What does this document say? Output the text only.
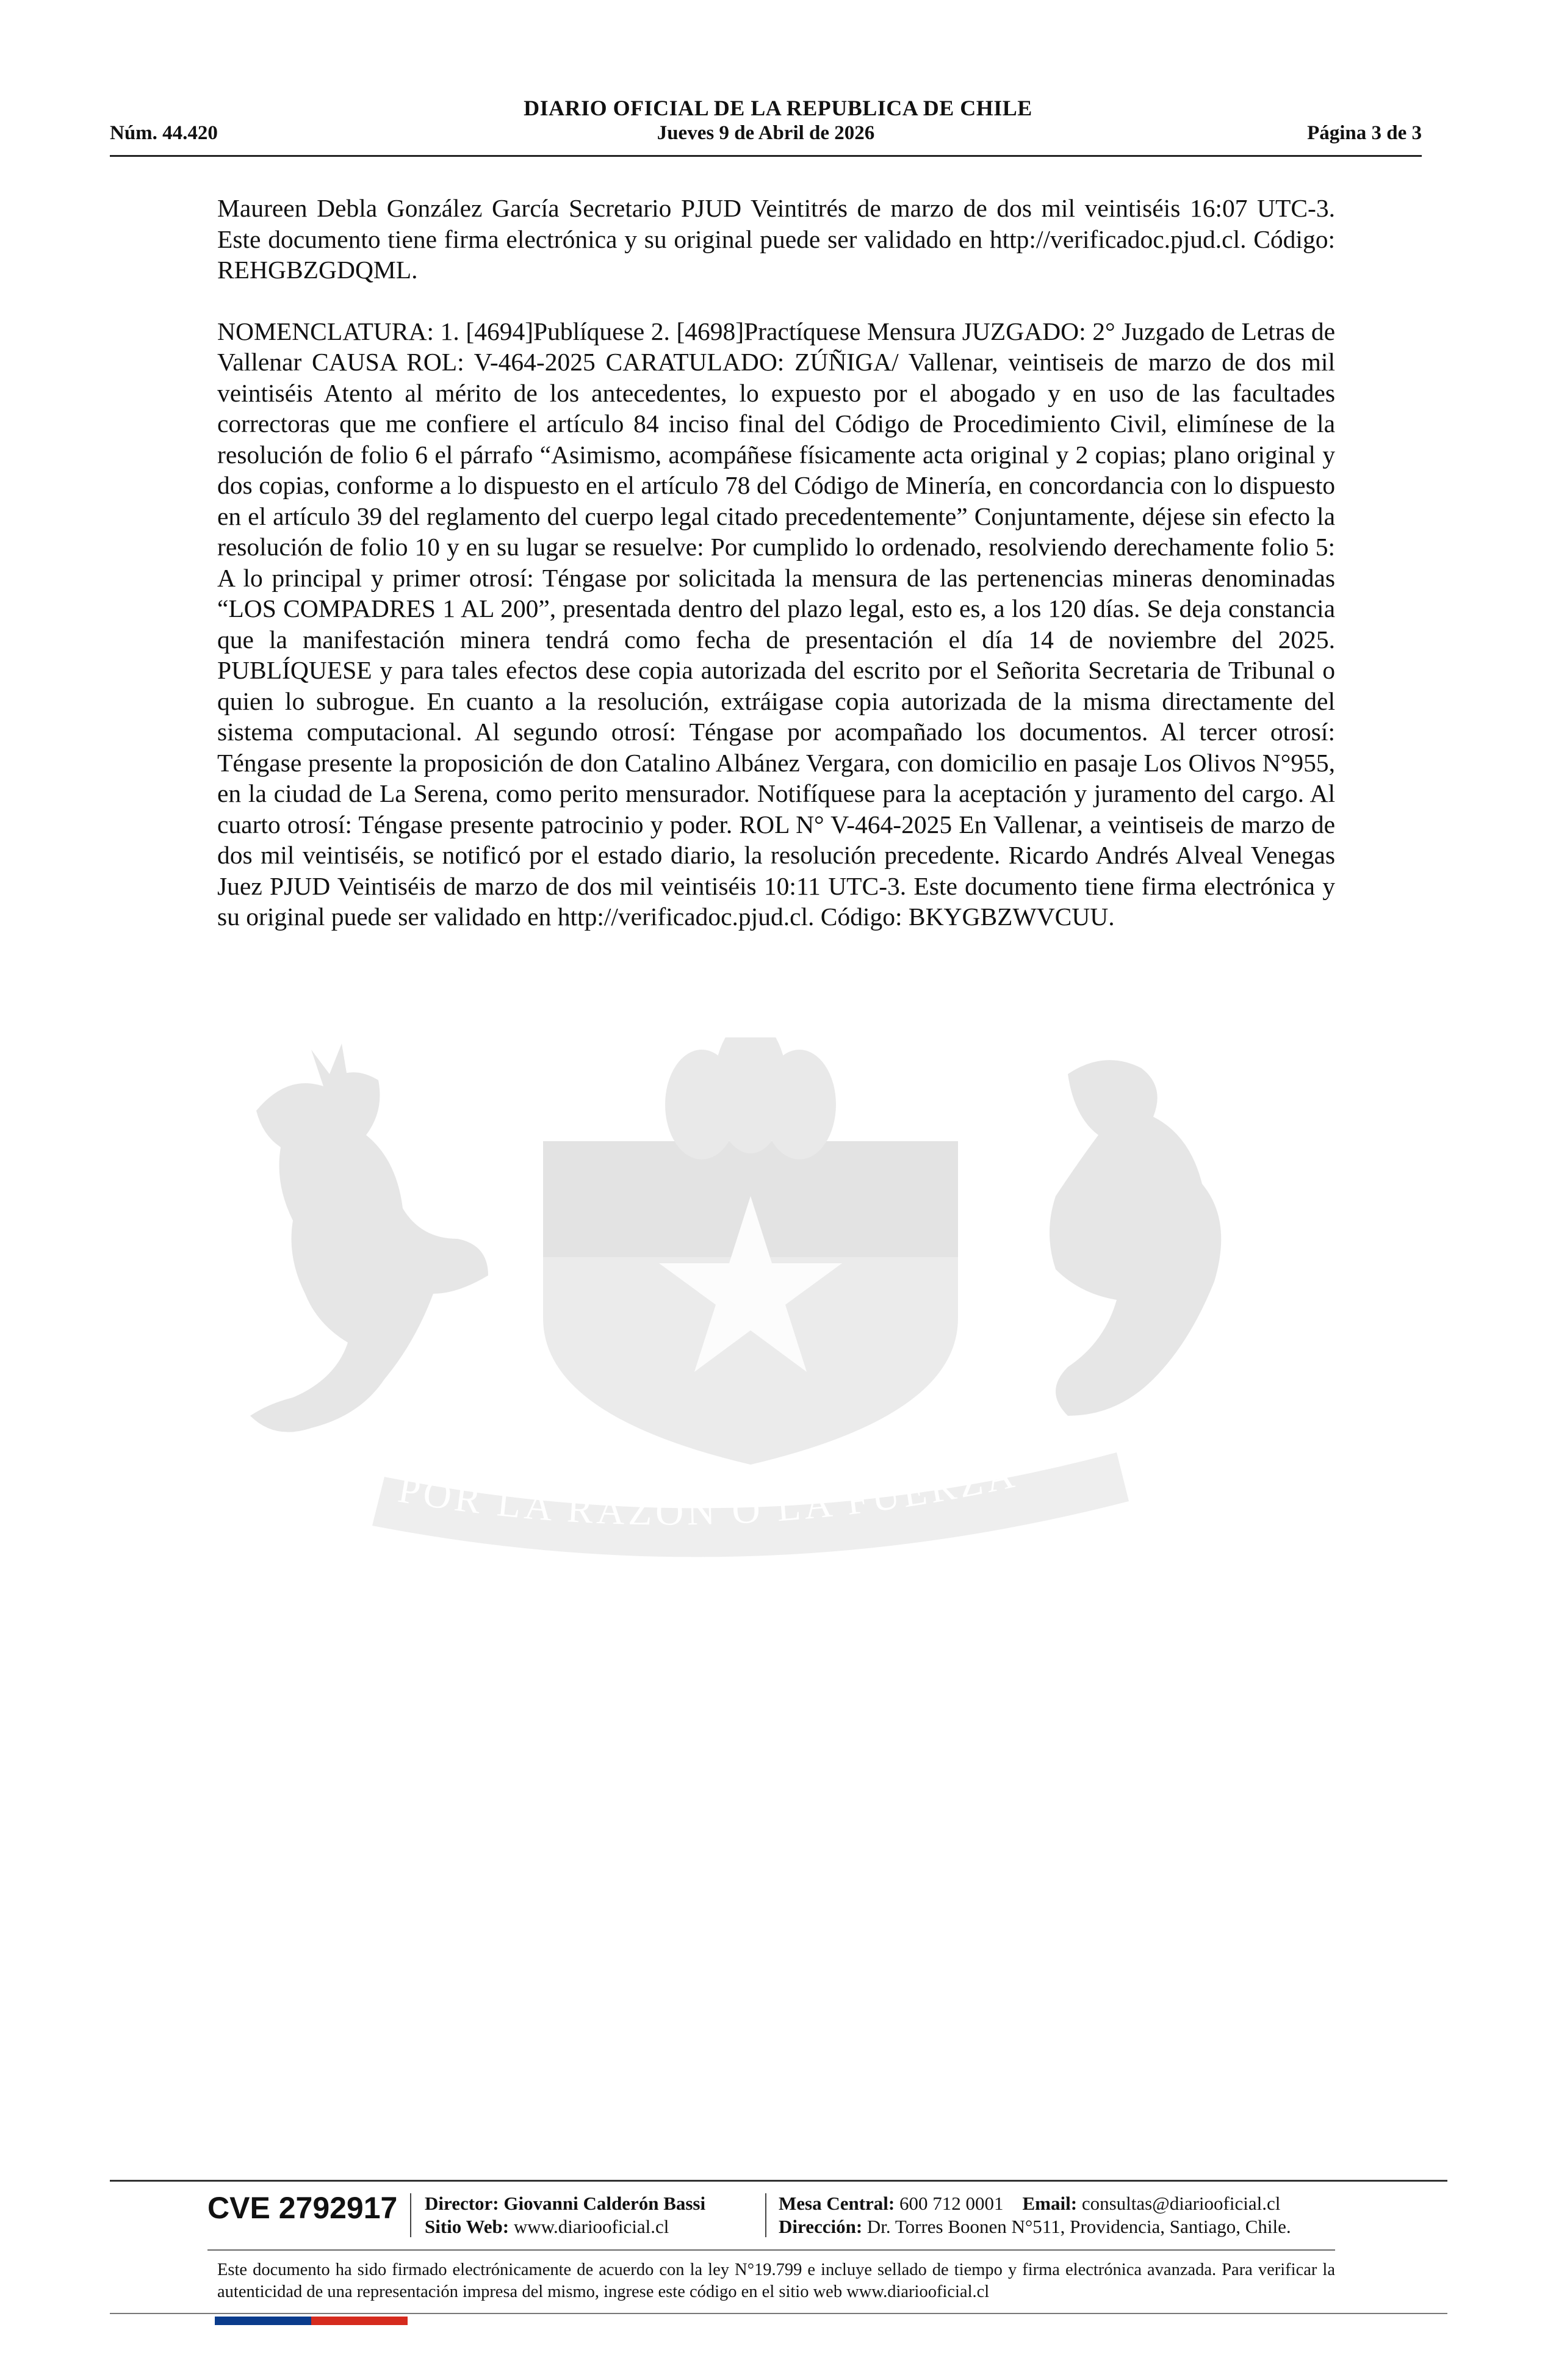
DIARIO OFICIAL DE LA REPUBLICA DE CHILE
Núm. 44.420	Jueves 9 de Abril de 2026	Página 3 de 3
POR LA RAZON O LA FUERZA

Maureen Debla González García Secretario PJUD Veintitrés de marzo de dos mil veintiséis 16:07 UTC-3. Este documento tiene firma electrónica y su original puede ser validado en http://verificadoc.pjud.cl. Código: REHGBZGDQML.

NOMENCLATURA: 1. [4694]Publíquese 2. [4698]Practíquese Mensura JUZGADO: 2° Juzgado de Letras de Vallenar CAUSA ROL: V-464-2025 CARATULADO: ZÚÑIGA/ Vallenar, veintiseis de marzo de dos mil veintiséis Atento al mérito de los antecedentes, lo expuesto por el abogado y en uso de las facultades correctoras que me confiere el artículo 84 inciso final del Código de Procedimiento Civil, elimínese de la resolución de folio 6 el párrafo “Asimismo, acompáñese físicamente acta original y 2 copias; plano original y dos copias, conforme a lo dispuesto en el artículo 78 del Código de Minería, en concordancia con lo dispuesto en el artículo 39 del reglamento del cuerpo legal citado precedentemente” Conjuntamente, déjese sin efecto la resolución de folio 10 y en su lugar se resuelve: Por cumplido lo ordenado, resolviendo derechamente folio 5: A lo principal y primer otrosí: Téngase por solicitada la mensura de las pertenencias mineras denominadas “LOS COMPADRES 1 AL 200”, presentada dentro del plazo legal, esto es, a los 120 días. Se deja constancia que la manifestación minera tendrá como fecha de presentación el día 14 de noviembre del 2025. PUBLÍQUESE y para tales efectos dese copia autorizada del escrito por el Señorita Secretaria de Tribunal o quien lo subrogue. En cuanto a la resolución, extráigase copia autorizada de la misma directamente del sistema computacional. Al segundo otrosí: Téngase por acompañado los documentos. Al tercer otrosí: Téngase presente la proposición de don Catalino Albánez Vergara, con domicilio en pasaje Los Olivos N°955, en la ciudad de La Serena, como perito mensurador. Notifíquese para la aceptación y juramento del cargo. Al cuarto otrosí: Téngase presente patrocinio y poder. ROL N° V-464-2025 En Vallenar, a veintiseis de marzo de dos mil veintiséis, se notificó por el estado diario, la resolución precedente. Ricardo Andrés Alveal Venegas Juez PJUD Veintiséis de marzo de dos mil veintiséis 10:11 UTC-3. Este documento tiene firma electrónica y su original puede ser validado en http://verificadoc.pjud.cl. Código: BKYGBZWVCUU.

CVE 2792917 Director: Giovanni Calderón Bassi
Sitio Web: www.diariooficial.cl
Mesa Central: 600 712 0001 Email: consultas@diariooficial.cl
Dirección: Dr. Torres Boonen N°511, Providencia, Santiago, Chile.
Este documento ha sido firmado electrónicamente de acuerdo con la ley N°19.799 e incluye sellado de tiempo y firma electrónica avanzada. Para verificar la autenticidad de una representación impresa del mismo, ingrese este código en el sitio web www.diariooficial.cl
